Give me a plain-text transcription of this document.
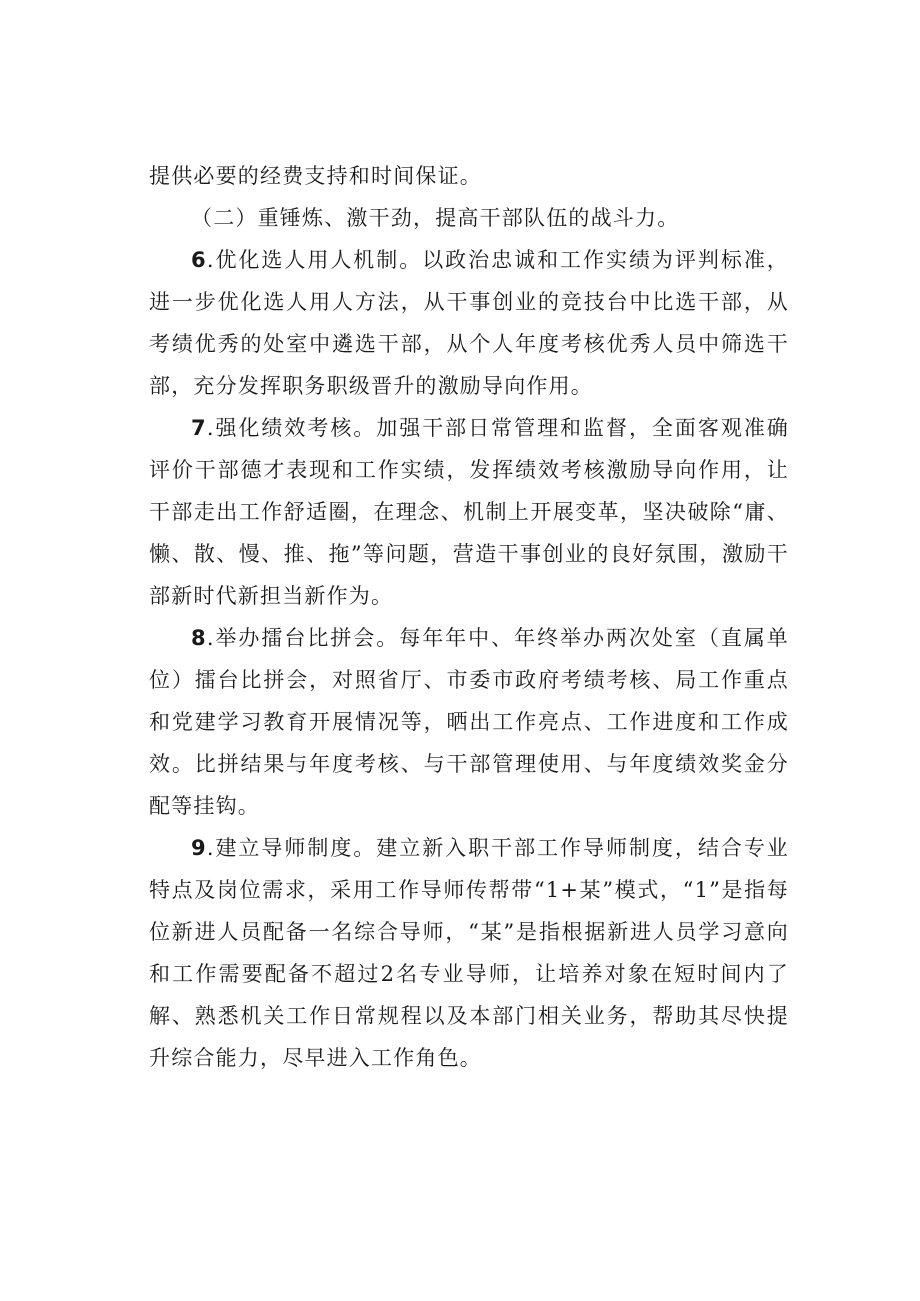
提供必要的经费支持和时间保证。

（二）重锤炼、激干劲，提高干部队伍的战斗力。

6.优化选人用人机制。以政治忠诚和工作实绩为评判标准，进一步优化选人用人方法，从干事创业的竞技台中比选干部，从考绩优秀的处室中遴选干部，从个人年度考核优秀人员中筛选干部，充分发挥职务职级晋升的激励导向作用。

7.强化绩效考核。加强干部日常管理和监督，全面客观准确评价干部德才表现和工作实绩，发挥绩效考核激励导向作用，让干部走出工作舒适圈，在理念、机制上开展变革，坚决破除“庸、懒、散、慢、推、拖”等问题，营造干事创业的良好氛围，激励干部新时代新担当新作为。

8.举办擂台比拼会。每年年中、年终举办两次处室（直属单位）擂台比拼会，对照省厅、市委市政府考绩考核、局工作重点和党建学习教育开展情况等，晒出工作亮点、工作进度和工作成效。比拼结果与年度考核、与干部管理使用、与年度绩效奖金分配等挂钩。

9.建立导师制度。建立新入职干部工作导师制度，结合专业特点及岗位需求，采用工作导师传帮带“1+某”模式，“1”是指每位新进人员配备一名综合导师，“某”是指根据新进人员学习意向和工作需要配备不超过2名专业导师，让培养对象在短时间内了解、熟悉机关工作日常规程以及本部门相关业务，帮助其尽快提升综合能力，尽早进入工作角色。
